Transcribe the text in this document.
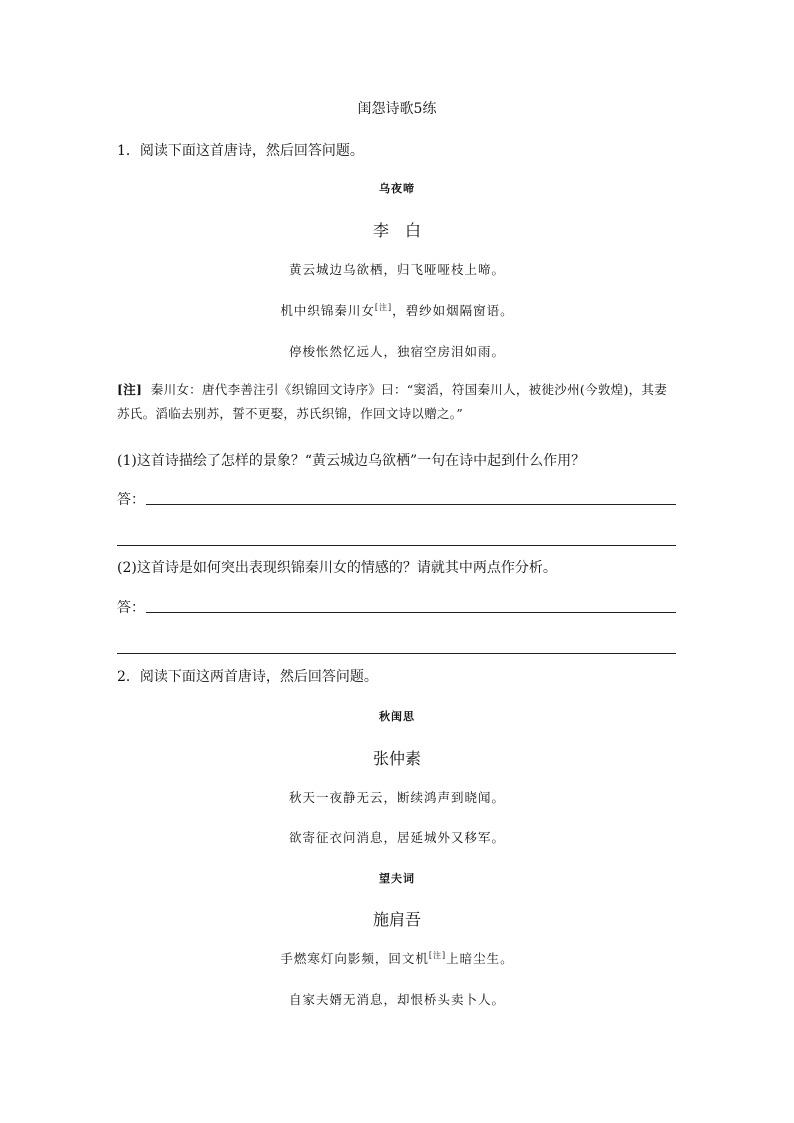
闺怨诗歌5练
1．阅读下面这首唐诗，然后回答问题。
乌夜啼
李　白
黄云城边乌欲栖，归飞哑哑枝上啼。
机中织锦秦川女[注]，碧纱如烟隔窗语。
停梭怅然忆远人，独宿空房泪如雨。
[注] 秦川女：唐代李善注引《织锦回文诗序》曰：“窦滔，符国秦川人，被徙沙州(今敦煌)，其妻苏氏。滔临去别苏，誓不更娶，苏氏织锦，作回文诗以赠之。”
(1)这首诗描绘了怎样的景象？“黄云城边乌欲栖”一句在诗中起到什么作用？
答：
(2)这首诗是如何突出表现织锦秦川女的情感的？请就其中两点作分析。
答：
2．阅读下面这两首唐诗，然后回答问题。
秋闺思
张仲素
秋天一夜静无云，断续鸿声到晓闻。
欲寄征衣问消息，居延城外又移军。
望夫词
施肩吾
手燃寒灯向影频，回文机[注]上暗尘生。
自家夫婿无消息，却恨桥头卖卜人。
